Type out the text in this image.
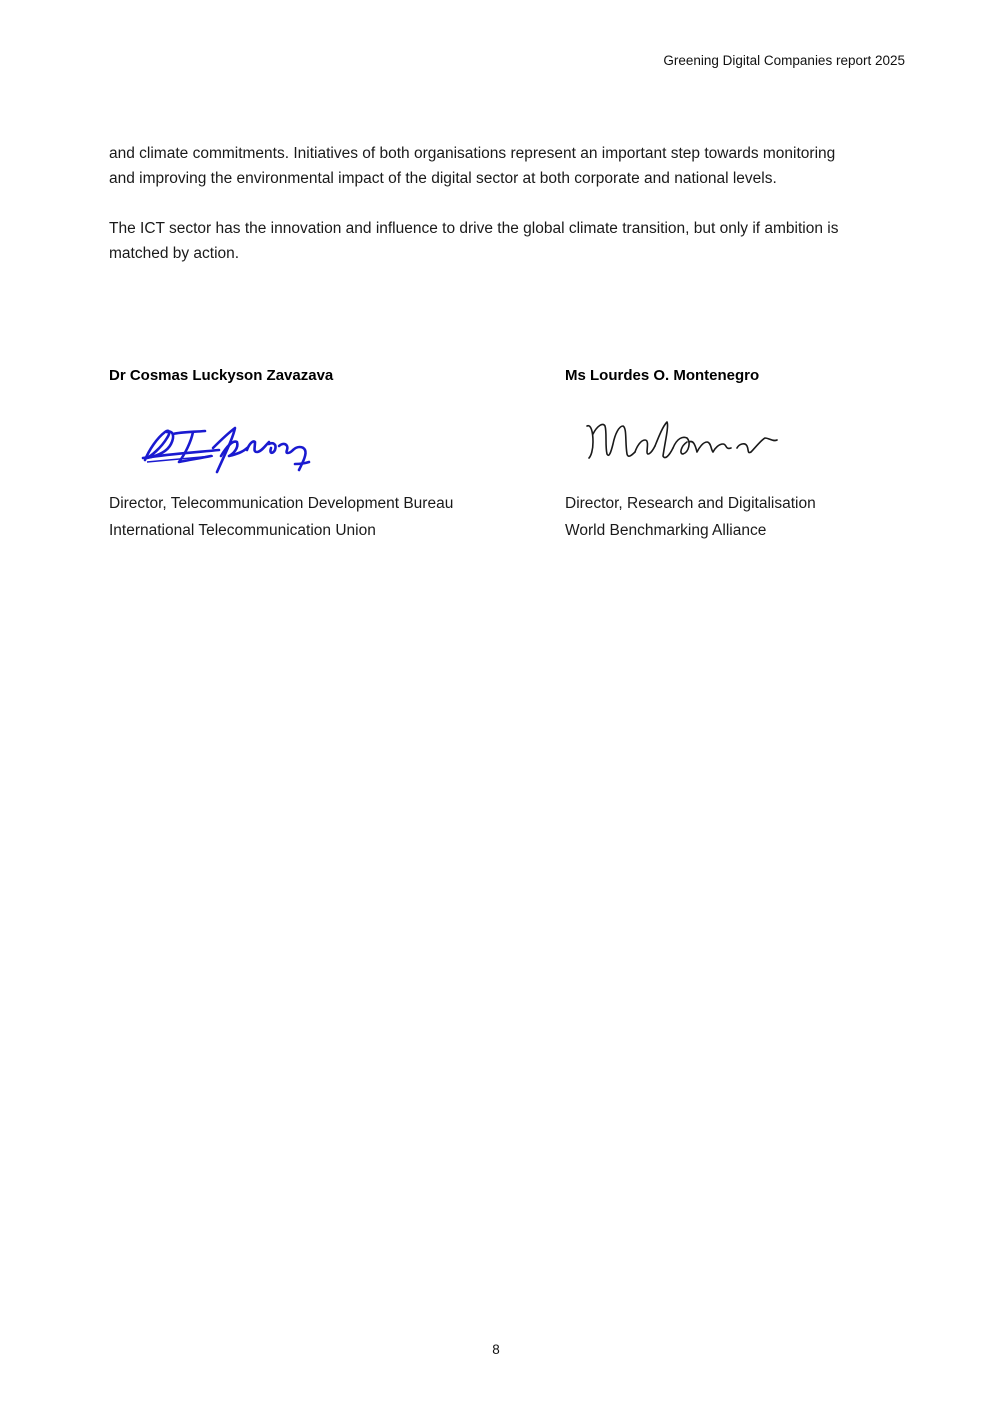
Greening Digital Companies report 2025

and climate commitments. Initiatives of both organisations represent an important step towards monitoring and improving the environmental impact of the digital sector at both corporate and national levels.

The ICT sector has the innovation and influence to drive the global climate transition, but only if ambition is matched by action.

Dr Cosmas Luckyson Zavazava
Director, Telecommunication Development Bureau
International Telecommunication Union
Ms Lourdes O. Montenegro
Director, Research and Digitalisation
World Benchmarking Alliance
8
